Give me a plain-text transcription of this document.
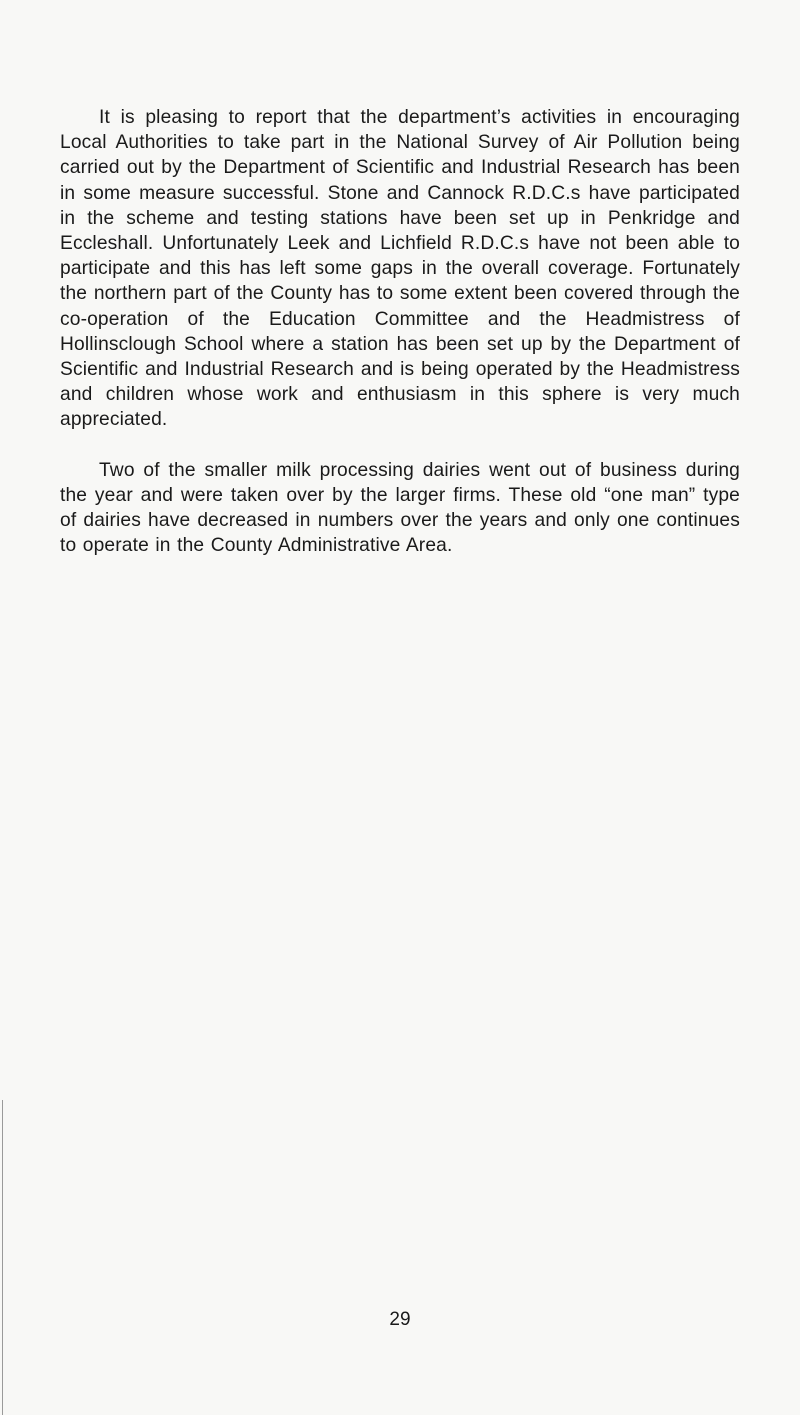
It is pleasing to report that the department’s activities in encouraging Local Authorities to take part in the National Survey of Air Pollution being carried out by the Department of Scientific and Industrial Research has been in some measure successful. Stone and Cannock R.D.C.s have participated in the scheme and testing stations have been set up in Penkridge and Eccleshall. Unfortunately Leek and Lichfield R.D.C.s have not been able to participate and this has left some gaps in the overall coverage. Fortunately the northern part of the County has to some extent been covered through the co-operation of the Education Committee and the Headmistress of Hollinsclough School where a station has been set up by the Department of Scientific and Industrial Research and is being operated by the Headmistress and children whose work and enthusiasm in this sphere is very much appreciated.

Two of the smaller milk processing dairies went out of business during the year and were taken over by the larger firms. These old “one man” type of dairies have decreased in numbers over the years and only one continues to operate in the County Administrative Area.

29
